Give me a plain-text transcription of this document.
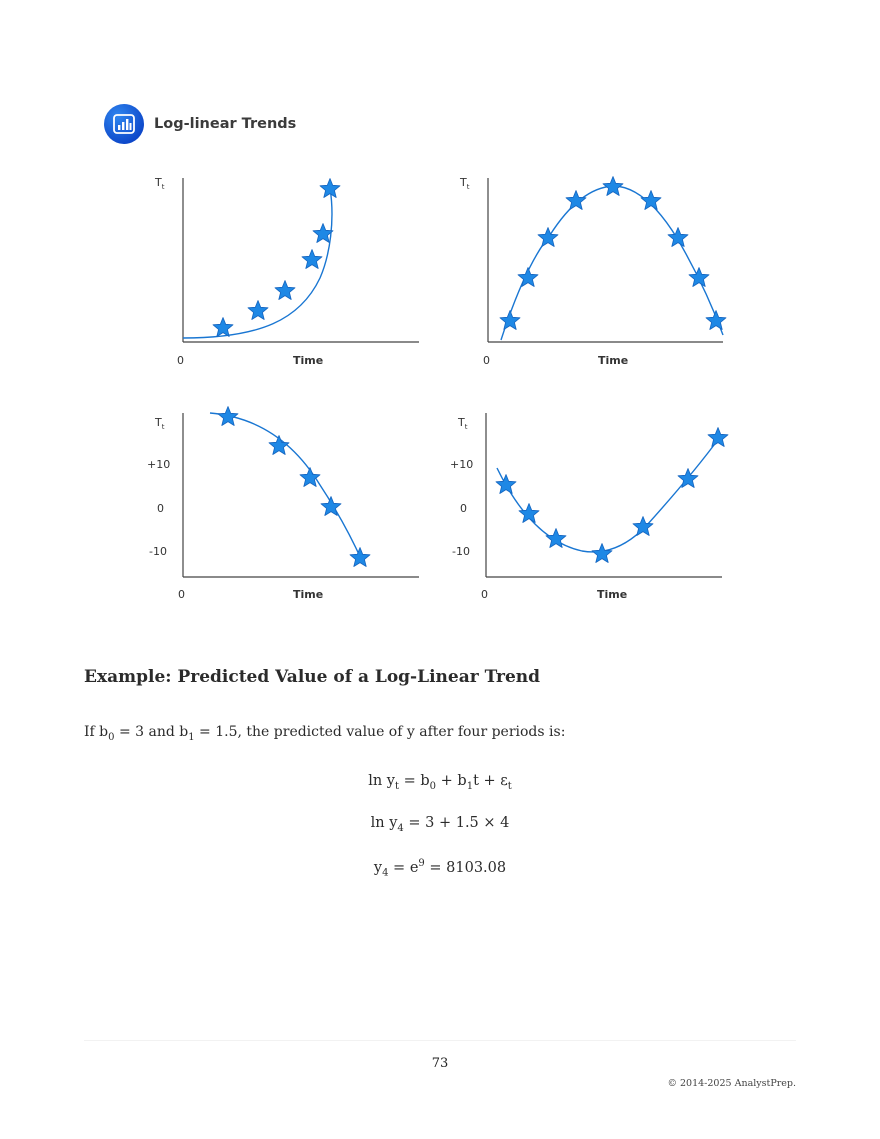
Log-linear Trends
$T_t$
0	Time
$T_t$
0	Time
$T_t$
+10
0
-10
0	Time
$T_t$
+10
0
-10
0	Time
Example: Predicted Value of a Log-Linear Trend
If $b_0 = 3$ and $b_1 = 1.5$, the predicted value of y after four periods is:
$\ln y_t = b_0 + b_1t + \varepsilon_t$
$\ln y_4 = 3 + 1.5 \times 4$
$y_4 = e^9 = 8103.08$
73
© 2014-2025 AnalystPrep.
